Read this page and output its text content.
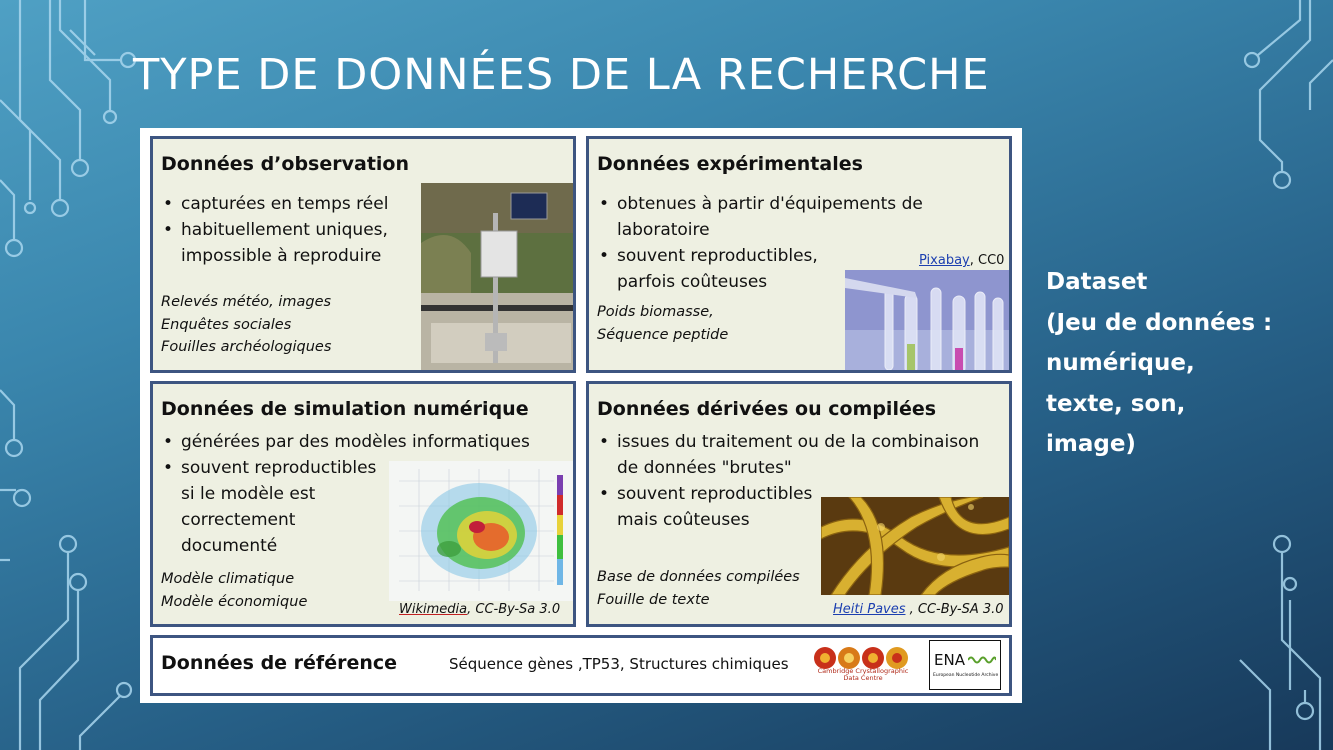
TYPE DE DONNÉES DE LA RECHERCHE
Données d’observation
• capturées en temps réel
• habituellement uniques,
impossible à reproduire
Relevés météo, images
Enquêtes sociales
Fouilles archéologiques
Données expérimentales
• obtenues à partir d'équipements de
laboratoire
• souvent reproductibles,
parfois coûteuses
Poids biomasse,
Séquence peptide
Pixabay, CC0
Données de simulation numérique
• générées par des modèles informatiques
• souvent reproductibles
si le modèle est
correctement
documenté
Modèle climatique
Modèle économique	Wikimedia, CC-By-Sa 3.0
Données dérivées ou compilées
• issues du traitement ou de la combinaison
de données "brutes"
• souvent reproductibles
mais coûteuses
Base de données compilées
Fouille de texte
Heiti Paves , CC-By-SA 3.0
Données de référence	Séquence gènes ,TP53, Structures chimiques	Cambridge Crystallographic
Data Centre
ENA
European Nucleotide Archive
Dataset
(Jeu de données : numérique,
texte, son,
image)
